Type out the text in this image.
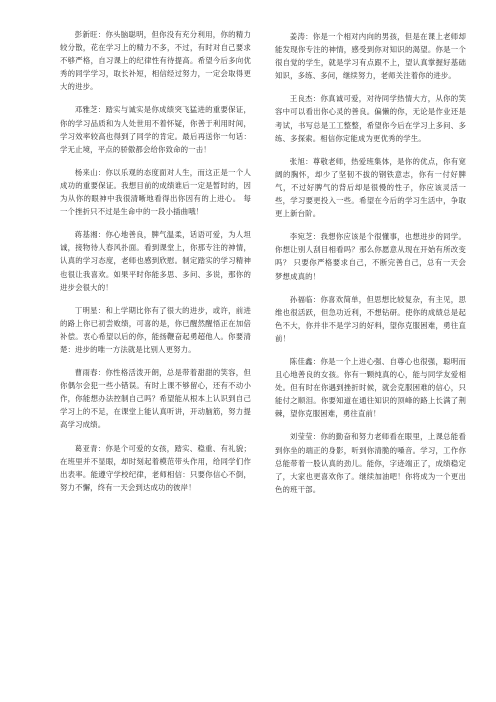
彭新旺：你头脑聪明，但你没有充分利用，你的精力较分散，花在学习上的精力不多，不过，有时对自己要求不够严格，自习课上的纪律性有待提高。希望今后多向优秀的同学学习，取长补短，相信经过努力，一定会取得更大的进步。

邓雅芝：踏实与诚实是你成绩突飞猛进的重要保证，你的学习品质和为人处世用不着怀疑，你善于利用时间，学习效率较高也得到了同学的肯定。最后再送你一句话：学无止境，平点的骄傲都会给你致命的一击！

杨来山：你以乐观的态度面对人生，而这正是一个人成功的重要保证。我想目前的成绩谁后一定是暂时的，因为从你的眼神中我很清晰地看得出你因有的上进心。 每一个挫折只不过是生命中的一段小插曲哦！

蒋基湘：你心地善良，脾气温柔，话语可爱，为人坦诚，接物待人春风扑面。看到课堂上，你那专注的神情，认真的学习态度，老师也感到欣慰。制定踏实的学习精神也很让我喜欢。如果平时你能多思、多问、多说，那你的进步会很大的！

丁明星：和上学期比你有了很大的进步，或许，前进的路上你已初尝败绩，可喜的是，你已醒然醒悟正在加倍补偿。衷心希望以后的你，能扬鞭奋起勇超他人。你要清楚：进步的唯一方法就是比别人更努力。

曹雨春：你性格活泼开朗，总是带着甜甜的笑容，但你偶尔会犯一些小错误。有时上课不够留心，还有不动小作，你能想办法控制自己吗？希望能从根本上认识到自己学习上的不足，在课堂上能认真听讲，开动脑筋，努力提高学习成绩。

葛亚青：你是个可爱的女孩，踏实、稳重、有礼貌；在班里并不显眼，却时刻起着模范带头作用，给同学们作出表率。能遵守学校纪律，老师相信：只要你信心不倒，努力不懈，终有一天会到达成功的彼岸！

姜涛：你是一个相对内向的男孩，但是在课上老师却能发现你专注的神情，感受到你对知识的渴望。你是一个很自觉的学生，就是学习有点跟不上，望认真掌握好基础知识，多练、多问，继续努力，老师关注着你的进步。

王良杰：你真诚可爱，对待同学热情大方，从你的笑容中可以看出你心灵的善良。偏懒的你，无论是作业还是考试，书写总是工工整整，希望你今后在学习上多问、多练、多探索。相信你定能成为更优秀的学生。

张旭：尊敬老师，热爱班集体，是你的优点，你有宽阔的胸怀，却少了坚韧不拔的钢铁意志，你有一付好脾气，不过好脾气的背后却是很慢的性子，你应该灵活一些，学习要更投入一些。希望在今后的学习生活中，争取更上新台阶。

李宛芝：我想你应该是个很懂事，也想进步的同学。你想让别人刮目相看吗？那么你愿意从现在开始有所改变吗？ 只要你严格要求自己，不断完善自己，总有一天会梦想成真的！

孙福临：你喜欢简单，但思想比较复杂，有主见，思维也很活跃，但急功近利，不想钻研。使你的成绩总是起色不大，你并非不是学习的好料，望你克服困难，勇往直前！

陈佳鑫：你是一个上进心强、自尊心也很强，聪明而且心地善良的女孩。你有一颗纯真的心，能与同学友爱相处。但有时在你遇到挫折时候，就会克服困难的信心，只能付之顺泪。你要知道在通往知识的顶峰的路上长满了荆棘，望你克服困难，勇往直前！

刘莹莹：你的勤奋和努力老师看在眼里，上课总能看到你坐的端正的身影，听到你清脆的嗓音。学习，工作你总能带着一股认真的劲儿。能你，字迹端正了，成绩稳定了，大家也更喜欢你了。继续加油吧！你将成为一个更出色的班干部。
